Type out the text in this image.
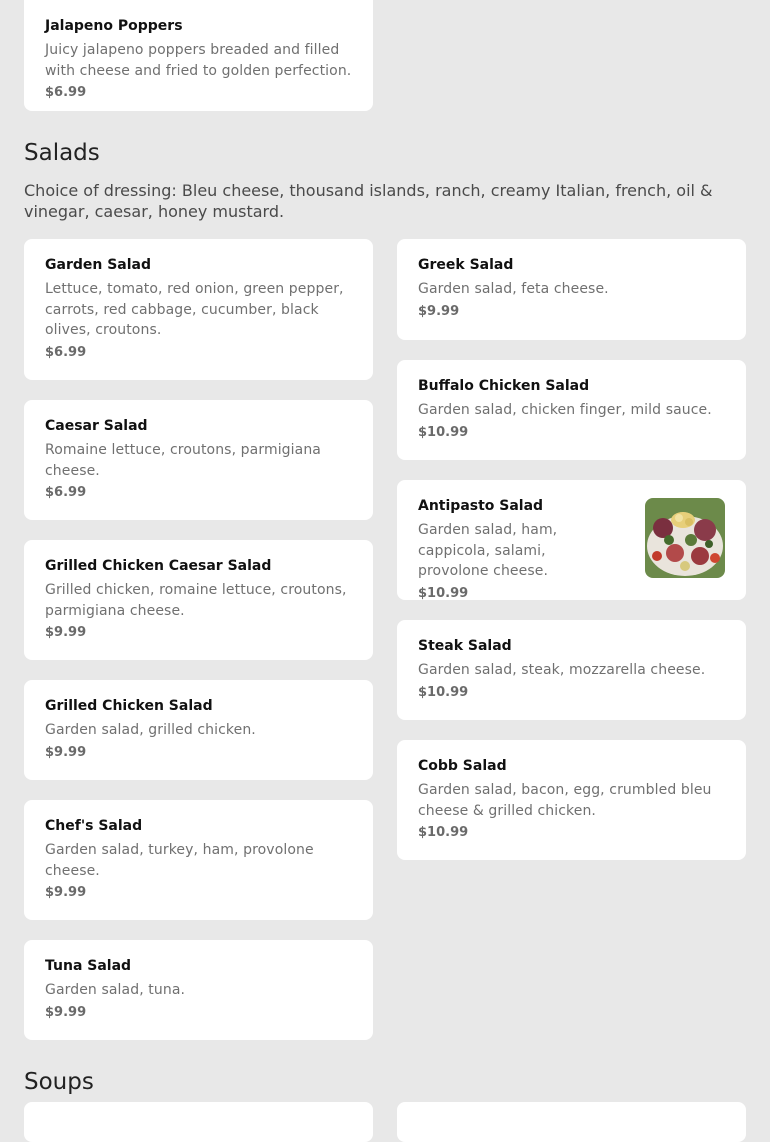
Jalapeno Poppers

Juicy jalapeno poppers breaded and filled with cheese and fried to golden perfection.

$6.99

Salads

Choice of dressing: Bleu cheese, thousand islands, ranch, creamy Italian, french, oil & vinegar, caesar, honey mustard.

Garden Salad

Lettuce, tomato, red onion, green pepper, carrots, red cabbage, cucumber, black olives, croutons.

$6.99

Caesar Salad

Romaine lettuce, croutons, parmigiana cheese.

$6.99

Grilled Chicken Caesar Salad

Grilled chicken, romaine lettuce, croutons, parmigiana cheese.

$9.99

Grilled Chicken Salad

Garden salad, grilled chicken.

$9.99

Chef's Salad

Garden salad, turkey, ham, provolone cheese.

$9.99

Tuna Salad

Garden salad, tuna.

$9.99

Greek Salad

Garden salad, feta cheese.

$9.99

Buffalo Chicken Salad

Garden salad, chicken finger, mild sauce.

$10.99

Antipasto Salad

Garden salad, ham, cappicola, salami, provolone cheese.

$10.99

Steak Salad

Garden salad, steak, mozzarella cheese.

$10.99

Cobb Salad

Garden salad, bacon, egg, crumbled bleu cheese & grilled chicken.

$10.99

Soups
